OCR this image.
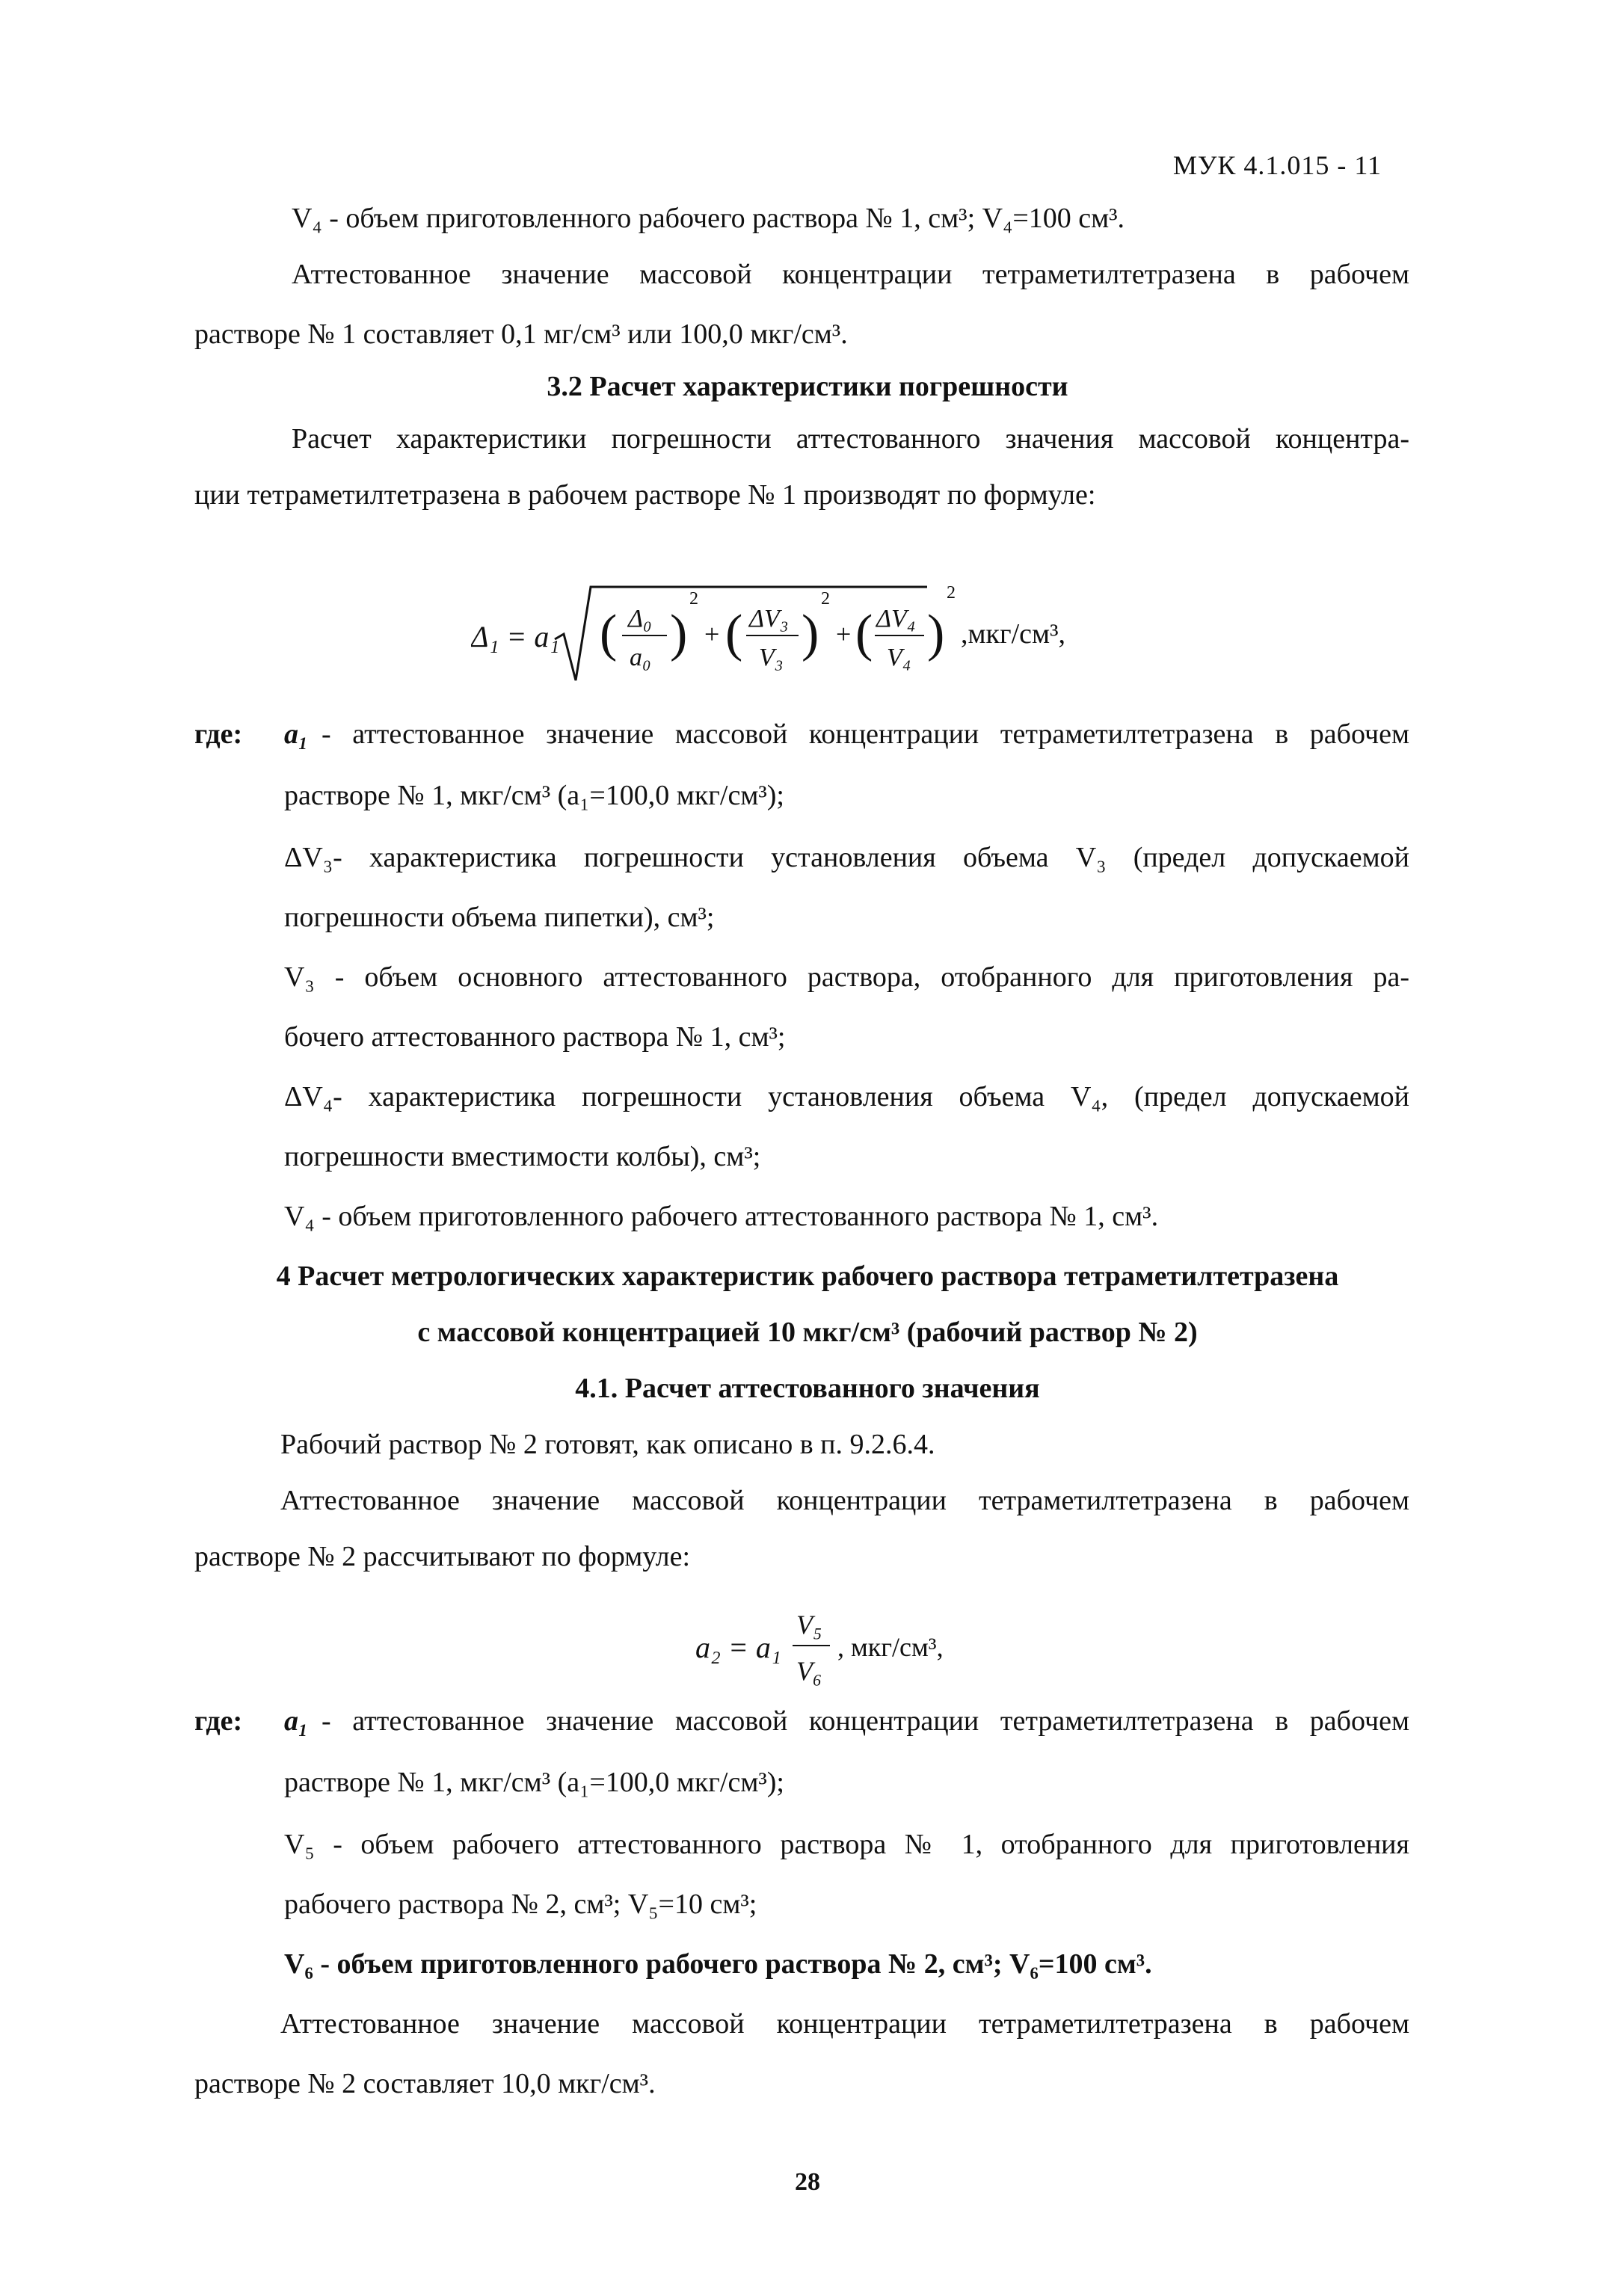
МУК 4.1.015 - 11
V₄ - объем приготовленного рабочего раствора № 1, см³; V₄=100 см³.
Аттестованное значение массовой концентрации тетраметилтетразена в рабочем
растворе № 1 составляет 0,1 мг/см³ или 100,0 мкг/см³.
3.2 Расчет характеристики погрешности
Расчет характеристики погрешности аттестованного значения массовой концентра-
ции тетраметилтетразена в рабочем растворе № 1 производят по формуле:
Δ₁ = a₁ ( Δ₀
a₀ )
2
+ ( ΔV₃
V₃ )
2
+ ( ΔV₄
V₄ )
2
,мкг/см³,
где: a₁ - аттестованное значение массовой концентрации тетраметилтетразена в рабочем
растворе № 1, мкг/см³ (a₁=100,0 мкг/см³);
ΔV₃- характеристика погрешности установления объема V₃ (предел допускаемой
погрешности объема пипетки), см³;
V₃ - объем основного аттестованного раствора, отобранного для приготовления ра-
бочего аттестованного раствора № 1, см³;
ΔV₄- характеристика погрешности установления объема V₄, (предел допускаемой
погрешности вместимости колбы), см³;
V₄ - объем приготовленного рабочего аттестованного раствора № 1, см³.
4 Расчет метрологических характеристик рабочего раствора тетраметилтетразена
с массовой концентрацией 10 мкг/см³ (рабочий раствор № 2)
4.1. Расчет аттестованного значения
Рабочий раствор № 2 готовят, как описано в п. 9.2.6.4.
Аттестованное значение массовой концентрации тетраметилтетразена в рабочем
растворе № 2 рассчитывают по формуле:
a₂ = a₁
V₅
V₆
, мкг/см³,
где: a₁ - аттестованное значение массовой концентрации тетраметилтетразена в рабочем
растворе № 1, мкг/см³ (a₁=100,0 мкг/см³);
V₅ - объем рабочего аттестованного раствора № 1, отобранного для приготовления
рабочего раствора № 2, см³; V₅=10 см³;
V₆ - объем приготовленного рабочего раствора № 2, см³; V₆=100 см³.
Аттестованное значение массовой концентрации тетраметилтетразена в рабочем
растворе № 2 составляет 10,0 мкг/см³.
28
